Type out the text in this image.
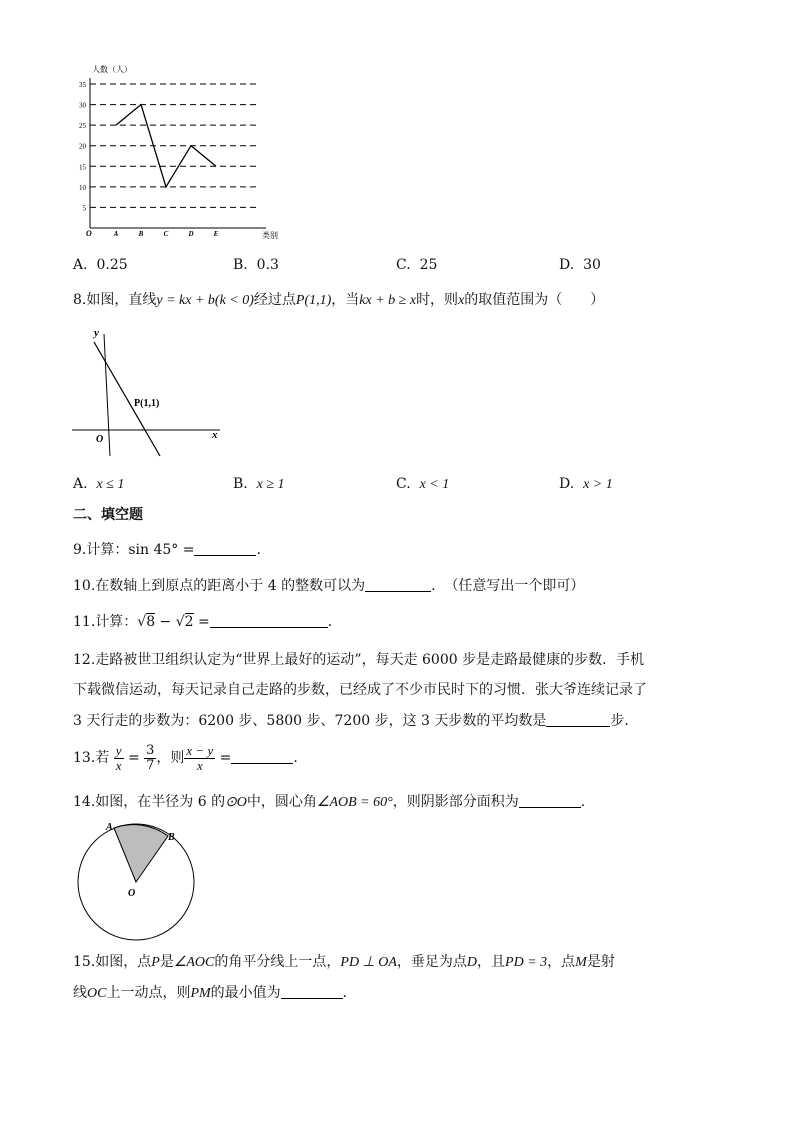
人数（人）
5
10
15
20
25
30
35
A	B	C	D	E
O	类别
A. 0.25	B. 0.3	C. 25	D. 30
8.如图，直线y = kx + b(k < 0)经过点P(1,1)，当kx + b ≥ x时，则x的取值范围为（　　）
y
x
O
P(1,1)
A. x ≤ 1	B. x ≥ 1	C. x < 1	D. x > 1
二、填空题
9.计算：sin 45° =	.
10.在数轴上到原点的距离小于 4 的整数可以为	. （任意写出一个即可）
11.计算：√8 − √2 =	.
12.走路被世卫组织认定为“世界上最好的运动”，每天走 6000 步是走路最健康的步数．手机
下载微信运动，每天记录自己走路的步数，已经成了不少市民时下的习惯．张大爷连续记录了
3 天行走的步数为：6200 步、5800 步、7200 步，这 3 天步数的平均数是	步.
13.若 $\frac{y}{x} = \frac{3}{7}$ ，则 $\frac{x - y}{x}$ =	.
14.如图，在半径为 6 的⊙O中，圆心角∠AOB = 60°，则阴影部分面积为	.
A
B
O
15.如图，点P是∠AOC的角平分线上一点，PD ⊥ OA，垂足为点D，且PD = 3，点M是射
线OC上一动点，则PM的最小值为	.
